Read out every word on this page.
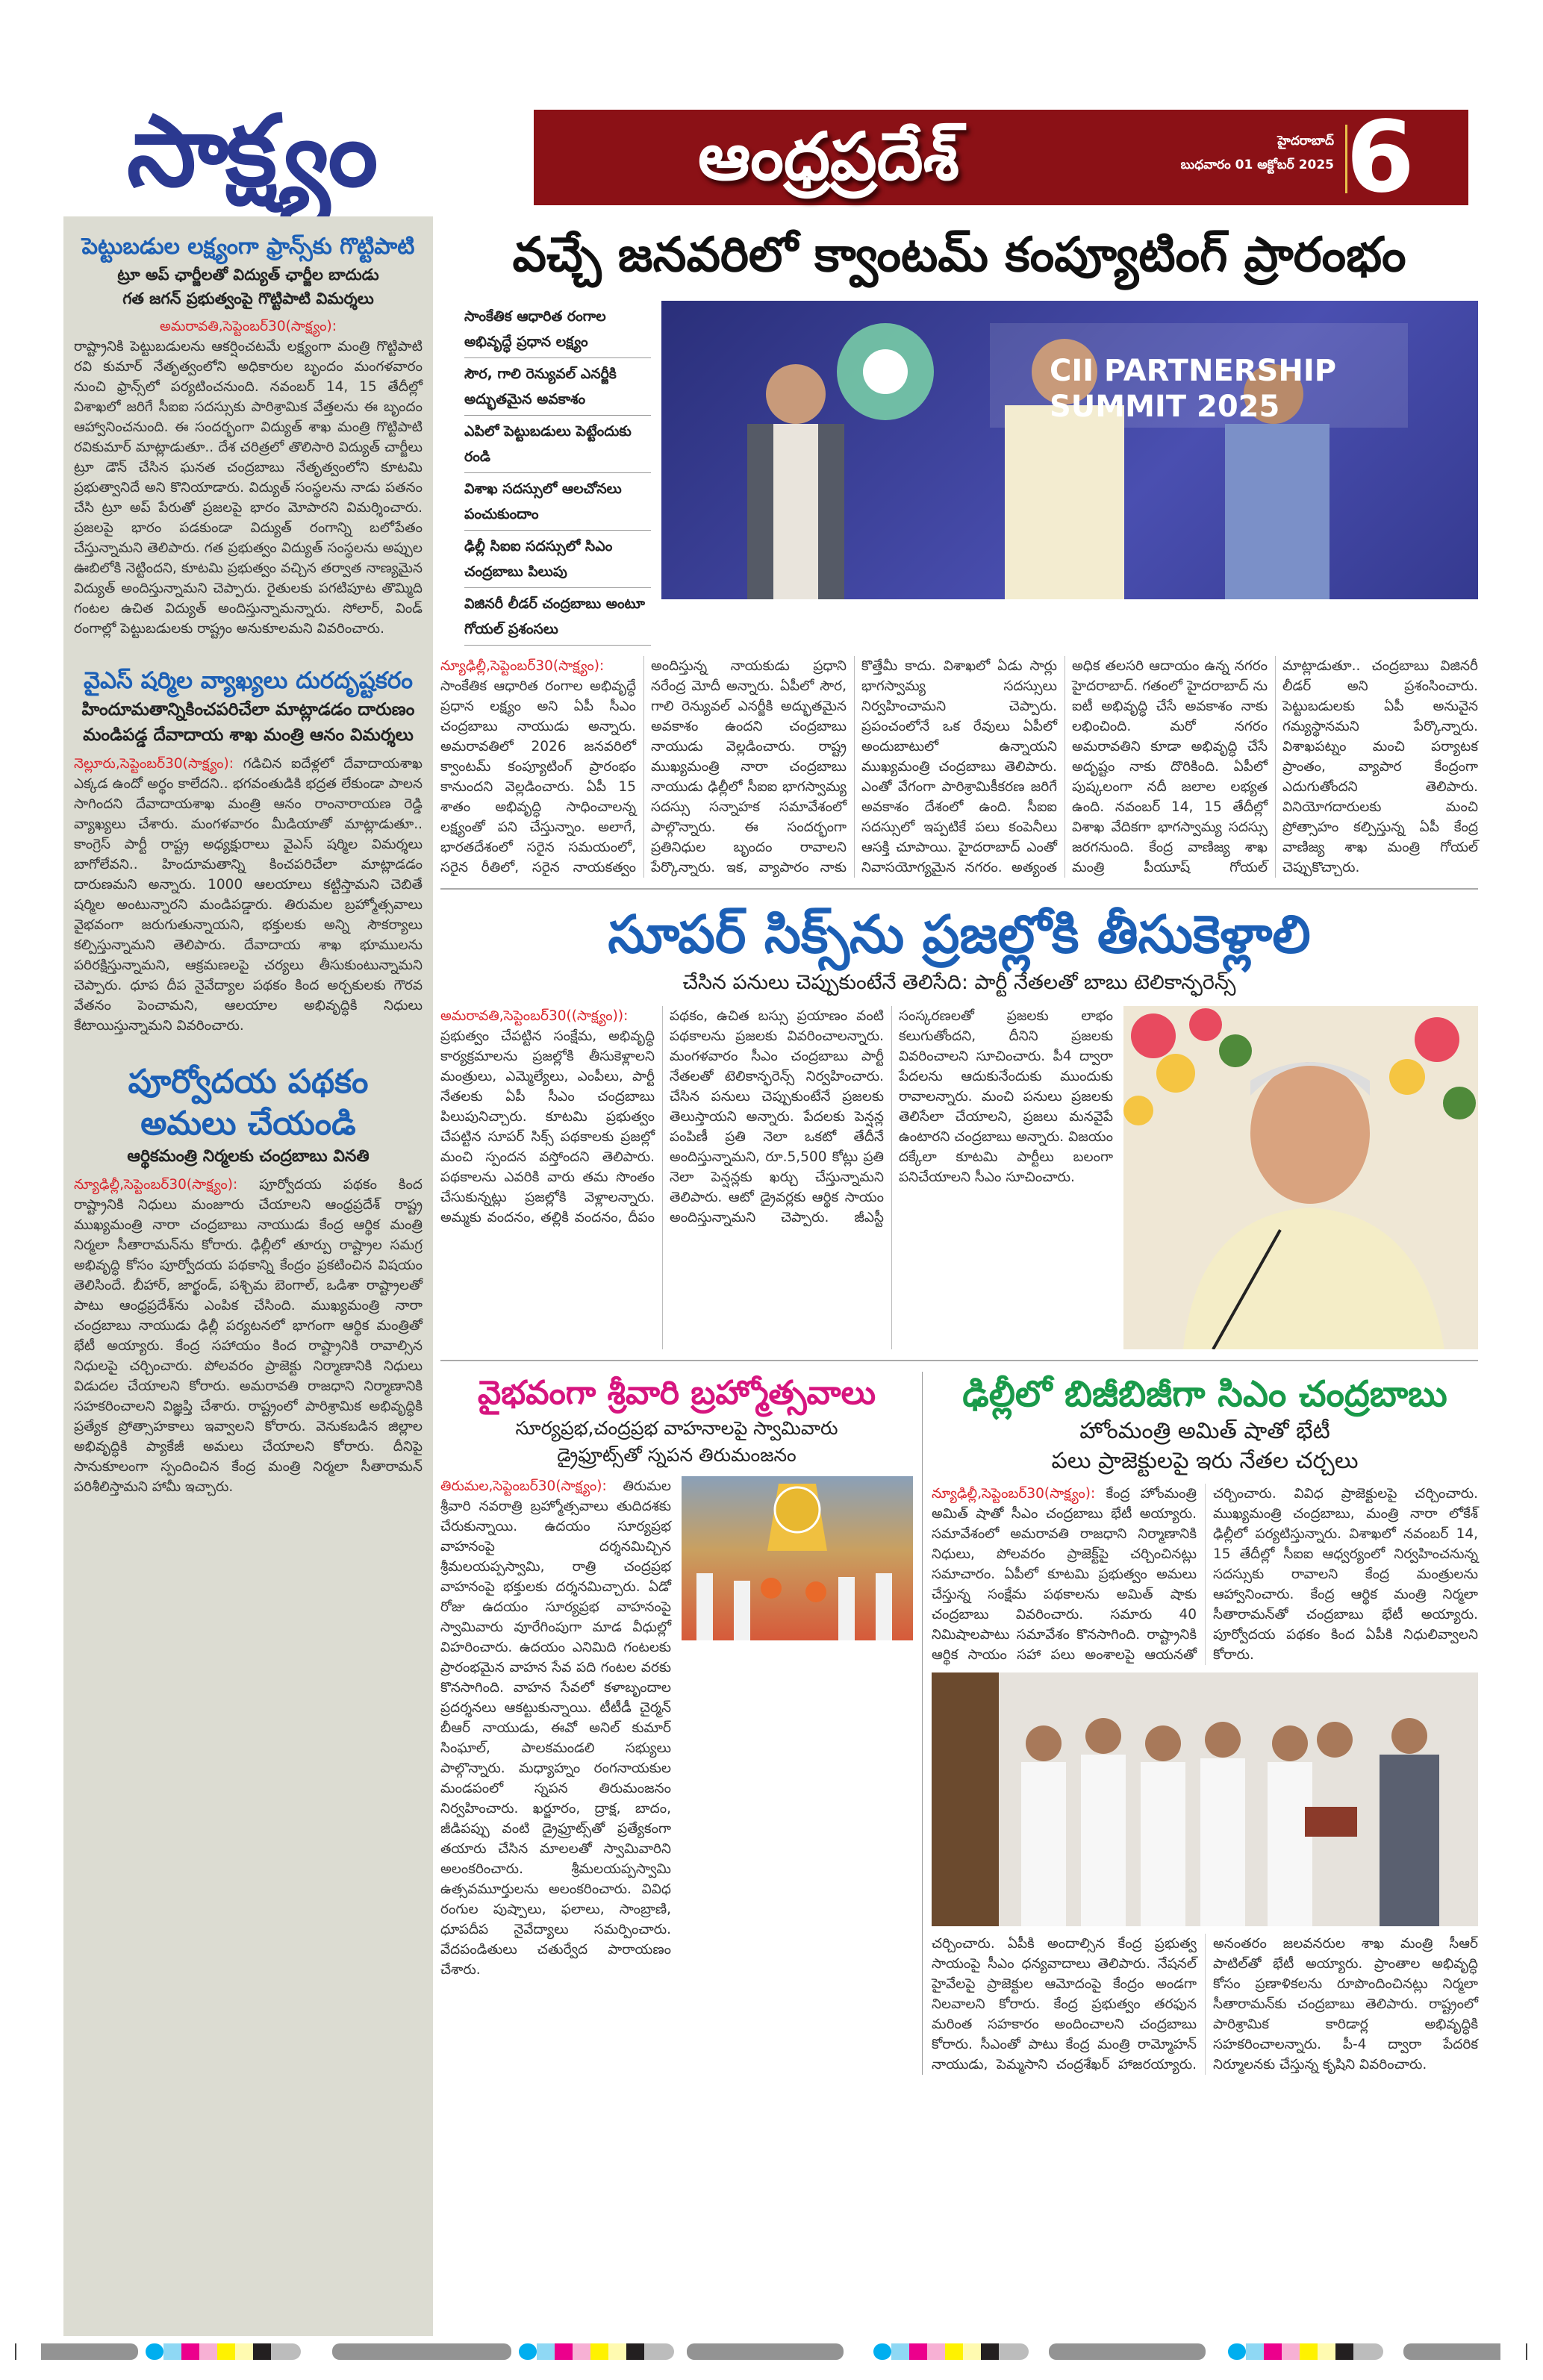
సాక్ష్యం	ఆంధ్రప్రదేశ్	హైదరాబాద్
బుధవారం 01 అక్టోబర్ 2025 6
పెట్టుబడుల లక్ష్యంగా ఫ్రాన్స్‌కు గొట్టిపాటి
ట్రూ అప్ ఛార్జీలతో విద్యుత్ ఛార్జీల బాదుడు
గత జగన్ ప్రభుత్వంపై గొట్టిపాటి విమర్శలు
అమరావతి,సెప్టెంబర్30(సాక్ష్యం):
రాష్ట్రానికి పెట్టుబడులను ఆకర్షించటమే లక్ష్యంగా మంత్రి గొట్టిపాటి రవి కుమార్ నేతృత్వంలోని అధికారుల బృందం మంగళవారం నుంచి ఫ్రాన్స్‌లో పర్యటించనుంది. నవంబర్ 14, 15 తేదీల్లో విశాఖలో జరిగే సీఐఐ సదస్సుకు పారిశ్రామిక వేత్తలను ఈ బృందం ఆహ్వానించనుంది. ఈ సందర్భంగా విద్యుత్ శాఖ మంత్రి గొట్టిపాటి రవికుమార్ మాట్లాడుతూ.. దేశ చరిత్రలో తొలిసారి విద్యుత్ చార్జీలు ట్రూ డౌన్ చేసిన ఘనత చంద్రబాబు నేతృత్వంలోని కూటమి ప్రభుత్వానిదే అని కొనియాడారు. విద్యుత్ సంస్థలను నాడు పతనం చేసి ట్రూ అప్ పేరుతో ప్రజలపై భారం మోపారని విమర్శించారు. ప్రజలపై భారం పడకుండా విద్యుత్ రంగాన్ని బలోపేతం చేస్తున్నామని తెలిపారు. గత ప్రభుత్వం విద్యుత్ సంస్థలను అప్పుల ఊబిలోకి నెట్టిందని, కూటమి ప్రభుత్వం వచ్చిన తర్వాత నాణ్యమైన విద్యుత్ అందిస్తున్నామని చెప్పారు. రైతులకు పగటిపూట తొమ్మిది గంటల ఉచిత విద్యుత్ అందిస్తున్నామన్నారు. సోలార్, విండ్ రంగాల్లో పెట్టుబడులకు రాష్ట్రం అనుకూలమని వివరించారు.
వైఎస్ షర్మిల వ్యాఖ్యలు దురదృష్టకరం
హిందూమతాన్నికించపరిచేలా మాట్లాడడం దారుణం
మండిపడ్డ దేవాదాయ శాఖ మంత్రి ఆనం విమర్శలు
నెల్లూరు,సెప్టెంబర్30(సాక్ష్యం): గడిచిన ఐదేళ్లలో దేవాదాయశాఖ ఎక్కడ ఉందో అర్థం కాలేదని.. భగవంతుడికి భద్రత లేకుండా పాలన సాగిందని దేవాదాయశాఖ మంత్రి ఆనం రాంనారాయణ రెడ్డి వ్యాఖ్యలు చేశారు. మంగళవారం మీడియాతో మాట్లాడుతూ.. కాంగ్రెస్ పార్టీ రాష్ట్ర అధ్యక్షురాలు వైఎస్ షర్మిల విమర్శలు బాగోలేవని.. హిందూమతాన్ని కించపరిచేలా మాట్లాడడం దారుణమని అన్నారు. 1000 ఆలయాలు కట్టిస్తామని చెబితే షర్మిల అంటున్నారని మండిపడ్డారు. తిరుమల బ్రహ్మోత్సవాలు వైభవంగా జరుగుతున్నాయని, భక్తులకు అన్ని సౌకర్యాలు కల్పిస్తున్నామని తెలిపారు. దేవాదాయ శాఖ భూములను పరిరక్షిస్తున్నామని, ఆక్రమణలపై చర్యలు తీసుకుంటున్నామని చెప్పారు. ధూప దీప నైవేద్యాల పథకం కింద అర్చకులకు గౌరవ వేతనం పెంచామని, ఆలయాల అభివృద్ధికి నిధులు కేటాయిస్తున్నామని వివరించారు.
పూర్వోదయ పథకం
అమలు చేయండి
ఆర్థికమంత్రి నిర్మలకు చంద్రబాబు వినతి
న్యూఢిల్లీ,సెప్టెంబర్30(సాక్ష్యం): పూర్వోదయ పథకం కింద రాష్ట్రానికి నిధులు మంజూరు చేయాలని ఆంధ్రప్రదేశ్ రాష్ట్ర ముఖ్యమంత్రి నారా చంద్రబాబు నాయుడు కేంద్ర ఆర్థిక మంత్రి నిర్మలా సీతారామన్‌ను కోరారు. ఢిల్లీలో తూర్పు రాష్ట్రాల సమగ్ర అభివృద్ధి కోసం పూర్వోదయ పథకాన్ని కేంద్రం ప్రకటించిన విషయం తెలిసిందే. బీహార్, జార్ఖండ్, పశ్చిమ బెంగాల్, ఒడిశా రాష్ట్రాలతో పాటు ఆంధ్రప్రదేశ్‌ను ఎంపిక చేసింది. ముఖ్యమంత్రి నారా చంద్రబాబు నాయుడు ఢిల్లీ పర్యటనలో భాగంగా ఆర్థిక మంత్రితో భేటీ అయ్యారు. కేంద్ర సహాయం కింద రాష్ట్రానికి రావాల్సిన నిధులపై చర్చించారు. పోలవరం ప్రాజెక్టు నిర్మాణానికి నిధులు విడుదల చేయాలని కోరారు. అమరావతి రాజధాని నిర్మాణానికి సహకరించాలని విజ్ఞప్తి చేశారు. రాష్ట్రంలో పారిశ్రామిక అభివృద్ధికి ప్రత్యేక ప్రోత్సాహకాలు ఇవ్వాలని కోరారు. వెనుకబడిన జిల్లాల అభివృద్ధికి ప్యాకేజీ అమలు చేయాలని కోరారు. దీనిపై సానుకూలంగా స్పందించిన కేంద్ర మంత్రి నిర్మలా సీతారామన్ పరిశీలిస్తామని హామీ ఇచ్చారు.
వచ్చే జనవరిలో క్వాంటమ్ కంప్యూటింగ్ ప్రారంభం
సాంకేతిక ఆధారిత రంగాల అభివృద్ధే ప్రధాన లక్ష్యం
సౌర, గాలి రెన్యువల్ ఎనర్జీకి అద్భుతమైన అవకాశం
ఎపిలో పెట్టుబడులు పెట్టేందుకు రండి
విశాఖ సదస్సులో ఆలచోనలు పంచుకుందాం
ఢిల్లీ సిఐఐ సదస్సులో సిఎం చంద్రబాబు పిలుపు
విజినరీ లీడర్ చంద్రబాబు అంటూ గోయల్ ప్రశంసలు
CII PARTNERSHIP SUMMIT 2025
న్యూఢిల్లీ,సెప్టెంబర్30(సాక్ష్యం): సాంకేతిక ఆధారిత రంగాల అభివృద్ధే ప్రధాన లక్ష్యం అని ఏపీ సీఎం చంద్రబాబు నాయుడు అన్నారు. అమరావతిలో 2026 జనవరిలో క్వాంటమ్ కంప్యూటింగ్ ప్రారంభం కానుందని వెల్లడించారు. ఏపీ 15 శాతం అభివృద్ధి సాధించాలన్న లక్ష్యంతో పని చేస్తున్నాం. అలాగే, భారతదేశంలో సరైన సమయంలో, సరైన రీతిలో, సరైన నాయకత్వం అందిస్తున్న నాయకుడు ప్రధాని నరేంద్ర మోదీ అన్నారు. ఏపీలో సౌర, గాలి రెన్యువల్ ఎనర్జీకి అద్భుతమైన అవకాశం ఉందని చంద్రబాబు నాయుడు వెల్లడించారు. రాష్ట్ర ముఖ్యమంత్రి నారా చంద్రబాబు నాయుడు ఢిల్లీలో సీఐఐ భాగస్వామ్య సదస్సు సన్నాహక సమావేశంలో పాల్గొన్నారు. ఈ సందర్భంగా ప్రతినిధుల బృందం రావాలని పేర్కొన్నారు. ఇక, వ్యాపారం నాకు కొత్తేమీ కాదు. విశాఖలో ఏడు సార్లు భాగస్వామ్య సదస్సులు నిర్వహించామని చెప్పారు. ప్రపంచంలోనే ఒక రేవులు ఏపీలో అందుబాటులో ఉన్నాయని ముఖ్యమంత్రి చంద్రబాబు తెలిపారు. ఎంతో వేగంగా పారిశ్రామికీకరణ జరిగే అవకాశం దేశంలో ఉంది. సీఐఐ సదస్సులో ఇప్పటికే పలు కంపెనీలు ఆసక్తి చూపాయి. హైదరాబాద్ ఎంతో నివాసయోగ్యమైన నగరం. అత్యంత అధిక తలసరి ఆదాయం ఉన్న నగరం హైదరాబాద్. గతంలో హైదరాబాద్ ను ఐటీ అభివృద్ధి చేసే అవకాశం నాకు లభించింది. మరో నగరం అమరావతిని కూడా అభివృద్ధి చేసే అదృష్టం నాకు దొరికింది. ఏపీలో పుష్కలంగా నదీ జలాల లభ్యత ఉంది. నవంబర్ 14, 15 తేదీల్లో విశాఖ వేదికగా భాగస్వామ్య సదస్సు జరగనుంది. కేంద్ర వాణిజ్య శాఖ మంత్రి పీయూష్ గోయల్ మాట్లాడుతూ.. చంద్రబాబు విజినరీ లీడర్ అని ప్రశంసించారు. పెట్టుబడులకు ఏపీ అనువైన గమ్యస్థానమని పేర్కొన్నారు. విశాఖపట్నం మంచి పర్యాటక ప్రాంతం, వ్యాపార కేంద్రంగా ఎదుగుతోందని తెలిపారు. వినియోగదారులకు మంచి ప్రోత్సాహం కల్పిస్తున్న ఏపీ కేంద్ర వాణిజ్య శాఖ మంత్రి గోయల్ చెప్పుకొచ్చారు.
సూపర్ సిక్స్‌ను ప్రజల్లోకి తీసుకెళ్లాలి
చేసిన పనులు చెప్పుకుంటేనే తెలిసేది: పార్టీ నేతలతో బాబు టెలికాన్ఫరెన్స్
అమరావతి,సెప్టెంబర్30((సాక్ష్యం)): ప్రభుత్వం చేపట్టిన సంక్షేమ, అభివృద్ధి కార్యక్రమాలను ప్రజల్లోకి తీసుకెళ్లాలని మంత్రులు, ఎమ్మెల్యేలు, ఎంపీలు, పార్టీ నేతలకు ఏపీ సీఎం చంద్రబాబు పిలుపునిచ్చారు. కూటమి ప్రభుత్వం చేపట్టిన సూపర్ సిక్స్ పథకాలకు ప్రజల్లో మంచి స్పందన వస్తోందని తెలిపారు. పథకాలను ఎవరికి వారు తమ సొంతం చేసుకున్నట్లు ప్రజల్లోకి వెళ్లాలన్నారు. అమ్మకు వందనం, తల్లికి వందనం, దీపం పథకం, ఉచిత బస్సు ప్రయాణం వంటి పథకాలను ప్రజలకు వివరించాలన్నారు. మంగళవారం సీఎం చంద్రబాబు పార్టీ నేతలతో టెలికాన్ఫరెన్స్ నిర్వహించారు. చేసిన పనులు చెప్పుకుంటేనే ప్రజలకు తెలుస్తాయని అన్నారు. పేదలకు పెన్షన్ల పంపిణీ ప్రతి నెలా ఒకటో తేదీనే అందిస్తున్నామని, రూ.5,500 కోట్లు ప్రతి నెలా పెన్షన్లకు ఖర్చు చేస్తున్నామని తెలిపారు. ఆటో డ్రైవర్లకు ఆర్థిక సాయం అందిస్తున్నామని చెప్పారు. జీఎస్టీ సంస్కరణలతో ప్రజలకు లాభం కలుగుతోందని, దీనిని ప్రజలకు వివరించాలని సూచించారు. పీ4 ద్వారా పేదలను ఆదుకునేందుకు ముందుకు రావాలన్నారు. మంచి పనులు ప్రజలకు తెలిసేలా చేయాలని, ప్రజలు మనవైపే ఉంటారని చంద్రబాబు అన్నారు. విజయం దక్కేలా కూటమి పార్టీలు బలంగా పనిచేయాలని సీఎం సూచించారు.
వైభవంగా శ్రీవారి బ్రహ్మోత్సవాలు
సూర్యప్రభ,చంద్రప్రభ వాహనాలపై స్వామివారు
డ్రైఫ్రూట్స్‌తో స్నపన తిరుమంజనం
తిరుమల,సెప్టెంబర్30(సాక్ష్యం): తిరుమల శ్రీవారి నవరాత్రి బ్రహ్మోత్సవాలు తుదిదశకు చేరుకున్నాయి. ఉదయం సూర్యప్రభ వాహనంపై దర్శనమిచ్చిన శ్రీమలయప్పస్వామి, రాత్రి చంద్రప్రభ వాహనంపై భక్తులకు దర్శనమిచ్చారు. ఏడో రోజు ఉదయం సూర్యప్రభ వాహనంపై స్వామివారు వూరేగింపుగా మాడ వీధుల్లో విహరించారు. ఉదయం ఎనిమిది గంటలకు ప్రారంభమైన వాహన సేవ పది గంటల వరకు కొనసాగింది. వాహన సేవలో కళాబృందాల ప్రదర్శనలు ఆకట్టుకున్నాయి. టీటీడీ చైర్మన్ బీఆర్ నాయుడు, ఈవో అనిల్ కుమార్ సింఘాల్, పాలకమండలి సభ్యులు పాల్గొన్నారు. మధ్యాహ్నం రంగనాయకుల మండపంలో స్నపన తిరుమంజనం నిర్వహించారు. ఖర్జూరం, ద్రాక్ష, బాదం, జీడిపప్పు వంటి డ్రైఫ్రూట్స్‌తో ప్రత్యేకంగా తయారు చేసిన మాలలతో స్వామివారిని అలంకరించారు. శ్రీమలయప్పస్వామి ఉత్సవమూర్తులను అలంకరించారు. వివిధ రంగుల పుష్పాలు, ఫలాలు, సాంబ్రాణి, ధూపదీప నైవేద్యాలు సమర్పించారు. వేదపండితులు చతుర్వేద పారాయణం చేశారు.
ఢిల్లీలో బిజీబిజీగా సిఎం చంద్రబాబు
హోంమంత్రి అమిత్ షాతో భేటీ
పలు ప్రాజెక్టులపై ఇరు నేతల చర్చలు
న్యూఢిల్లీ,సెప్టెంబర్30(సాక్ష్యం): కేంద్ర హోంమంత్రి అమిత్ షాతో సీఎం చంద్రబాబు భేటీ అయ్యారు. సమావేశంలో అమరావతి రాజధాని నిర్మాణానికి నిధులు, పోలవరం ప్రాజెక్ట్‌పై చర్చించినట్లు సమాచారం. ఏపీలో కూటమి ప్రభుత్వం అమలు చేస్తున్న సంక్షేమ పథకాలను అమిత్ షాకు చంద్రబాబు వివరించారు. సమారు 40 నిమిషాలపాటు సమావేశం కొనసాగింది. రాష్ట్రానికి ఆర్థిక సాయం సహా పలు అంశాలపై ఆయనతో చర్చించారు. వివిధ ప్రాజెక్టులపై చర్చించారు. ముఖ్యమంత్రి చంద్రబాబు, మంత్రి నారా లోకేశ్ ఢిల్లీలో పర్యటిస్తున్నారు. విశాఖలో నవంబర్ 14, 15 తేదీల్లో సీఐఐ ఆధ్వర్యంలో నిర్వహించనున్న సదస్సుకు రావాలని కేంద్ర మంత్రులను ఆహ్వానించారు. కేంద్ర ఆర్థిక మంత్రి నిర్మలా సీతారామన్‌తో చంద్రబాబు భేటీ అయ్యారు. పూర్వోదయ పథకం కింద ఏపీకి నిధులివ్వాలని కోరారు.
చర్చించారు. ఏపీకి అందాల్సిన కేంద్ర ప్రభుత్వ సాయంపై సీఎం ధన్యవాదాలు తెలిపారు. నేషనల్ హైవేలపై ప్రాజెక్టుల ఆమోదంపై కేంద్రం అండగా నిలవాలని కోరారు. కేంద్ర ప్రభుత్వం తరఫున మరింత సహకారం అందించాలని చంద్రబాబు కోరారు. సీఎంతో పాటు కేంద్ర మంత్రి రామ్మోహన్ నాయుడు, పెమ్మసాని చంద్రశేఖర్ హాజరయ్యారు. అనంతరం జలవనరుల శాఖ మంత్రి సీఆర్ పాటిల్‌తో భేటీ అయ్యారు. ప్రాంతాల అభివృద్ధి కోసం ప్రణాళికలను రూపొందించినట్లు నిర్మలా సీతారామన్‌కు చంద్రబాబు తెలిపారు. రాష్ట్రంలో పారిశ్రామిక కారిడార్ల అభివృద్ధికి సహకరించాలన్నారు. పీ-4 ద్వారా పేదరిక నిర్మూలనకు చేస్తున్న కృషిని వివరించారు.
